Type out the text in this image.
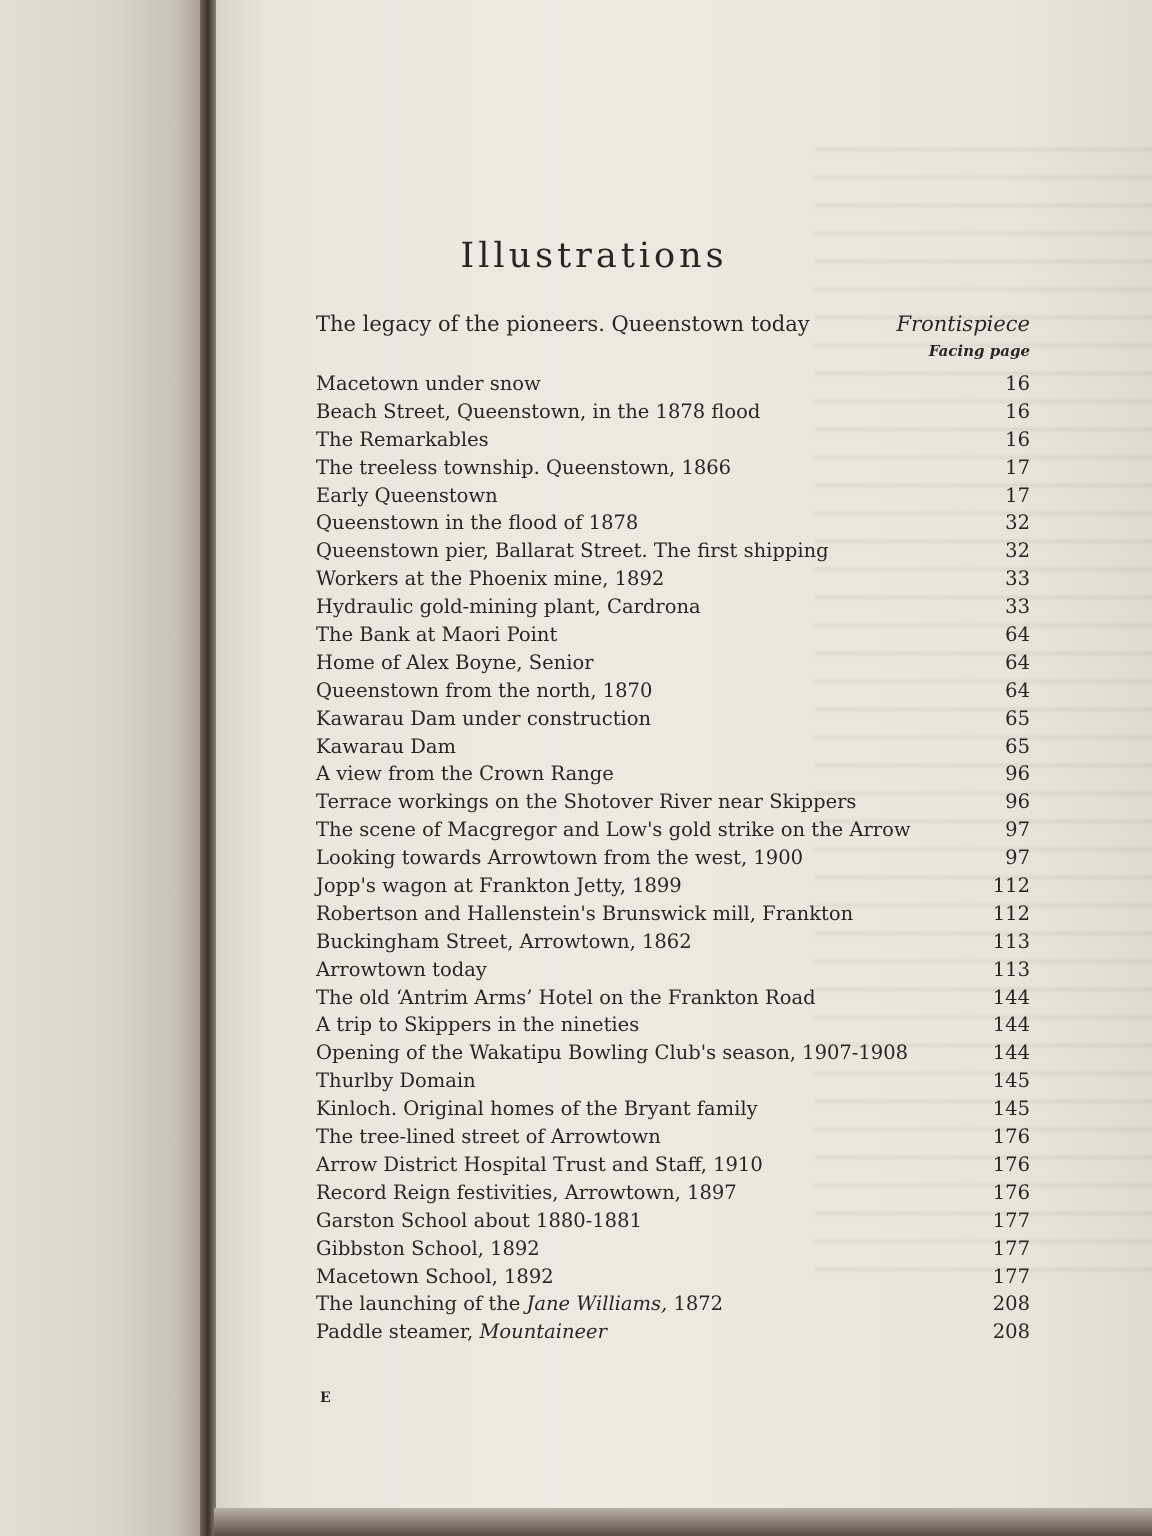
Illustrations
The legacy of the pioneers. Queenstown today	Frontispiece
Facing page
Macetown under snow	16
Beach Street, Queenstown, in the 1878 flood	16
The Remarkables	16
The treeless township. Queenstown, 1866	17
Early Queenstown	17
Queenstown in the flood of 1878	32
Queenstown pier, Ballarat Street. The first shipping	32
Workers at the Phoenix mine, 1892	33
Hydraulic gold-mining plant, Cardrona	33
The Bank at Maori Point	64
Home of Alex Boyne, Senior	64
Queenstown from the north, 1870	64
Kawarau Dam under construction	65
Kawarau Dam	65
A view from the Crown Range	96
Terrace workings on the Shotover River near Skippers	96
The scene of Macgregor and Low's gold strike on the Arrow	97
Looking towards Arrowtown from the west, 1900	97
Jopp's wagon at Frankton Jetty, 1899	112
Robertson and Hallenstein's Brunswick mill, Frankton	112
Buckingham Street, Arrowtown, 1862	113
Arrowtown today	113
The old ‘Antrim Arms’ Hotel on the Frankton Road	144
A trip to Skippers in the nineties	144
Opening of the Wakatipu Bowling Club's season, 1907-1908	144
Thurlby Domain	145
Kinloch. Original homes of the Bryant family	145
The tree-lined street of Arrowtown	176
Arrow District Hospital Trust and Staff, 1910	176
Record Reign festivities, Arrowtown, 1897	176
Garston School about 1880-1881	177
Gibbston School, 1892	177
Macetown School, 1892	177
The launching of the Jane Williams, 1872	208
Paddle steamer, Mountaineer	208
E
